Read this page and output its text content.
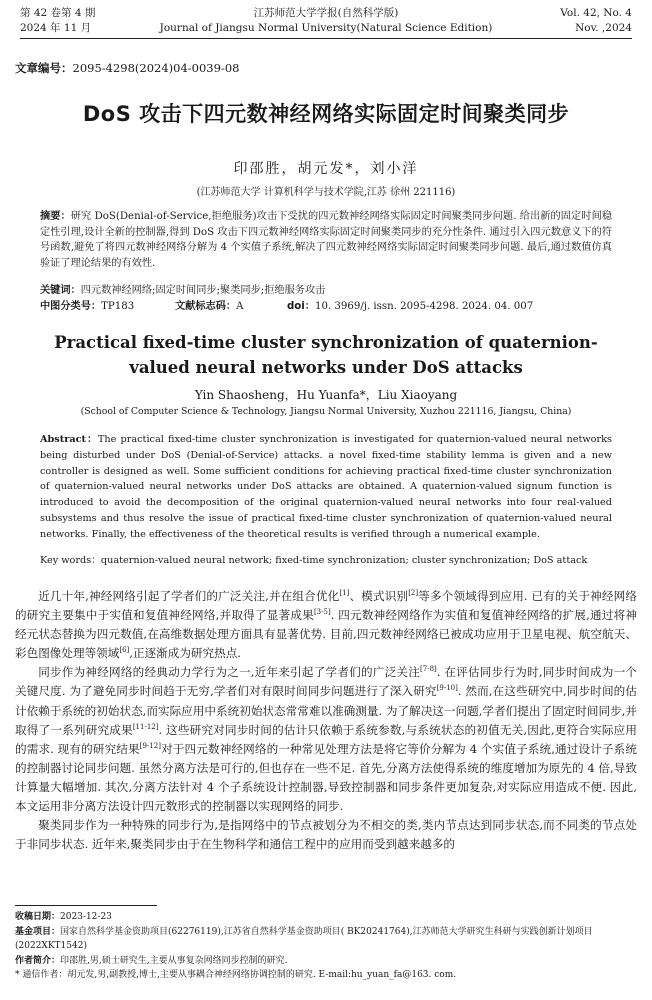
第 42 卷第 4 期
2024 年 11 月
江苏师范大学学报(自然科学版)
Journal of Jiangsu Normal University(Natural Science Edition)
Vol. 42, No. 4
Nov. ,2024
文章编号：2095-4298(2024)04-0039-08
DoS 攻击下四元数神经网络实际固定时间聚类同步
印邵胜，胡元发*，刘小洋
(江苏师范大学 计算机科学与技术学院,江苏 徐州 221116)
摘要：研究 DoS(Denial-of-Service,拒绝服务)攻击下受扰的四元数神经网络实际固定时间聚类同步问题. 给出新的固定时间稳定性引理,设计全新的控制器,得到 DoS 攻击下四元数神经网络实际固定时间聚类同步的充分性条件. 通过引入四元数意义下的符号函数,避免了将四元数神经网络分解为 4 个实值子系统,解决了四元数神经网络实际固定时间聚类同步问题. 最后,通过数值仿真验证了理论结果的有效性.
关键词：四元数神经网络;固定时间同步;聚类同步;拒绝服务攻击
中图分类号：TP183	文献标志码：A	doi：10. 3969/j. issn. 2095-4298. 2024. 04. 007
Practical fixed-time cluster synchronization of quaternion-valued neural networks under DoS attacks
Yin Shaosheng，Hu Yuanfa*，Liu Xiaoyang
(School of Computer Science & Technology, Jiangsu Normal University, Xuzhou 221116, Jiangsu, China)
Abstract：The practical fixed-time cluster synchronization is investigated for quaternion-valued neural networks being disturbed under DoS (Denial-of-Service) attacks. a novel fixed-time stability lemma is given and a new controller is designed as well. Some sufficient conditions for achieving practical fixed-time cluster synchronization of quaternion-valued neural networks under DoS attacks are obtained. A quaternion-valued signum function is introduced to avoid the decomposition of the original quaternion-valued neural networks into four real-valued subsystems and thus resolve the issue of practical fixed-time cluster synchronization of quaternion-valued neural networks. Finally, the effectiveness of the theoretical results is verified through a numerical example.
Key words：quaternion-valued neural network; fixed-time synchronization; cluster synchronization; DoS attack

近几十年,神经网络引起了学者们的广泛关注,并在组合优化[1]、模式识别[2]等多个领域得到应用. 已有的关于神经网络的研究主要集中于实值和复值神经网络,并取得了显著成果[3-5]. 四元数神经网络作为实值和复值神经网络的扩展,通过将神经元状态替换为四元数值,在高维数据处理方面具有显著优势. 目前,四元数神经网络已被成功应用于卫星电视、航空航天、彩色图像处理等领域[6],正逐渐成为研究热点.

同步作为神经网络的经典动力学行为之一,近年来引起了学者们的广泛关注[7-8]. 在评估同步行为时,同步时间成为一个关键尺度. 为了避免同步时间趋于无穷,学者们对有限时间同步问题进行了深入研究[9-10]. 然而,在这些研究中,同步时间的估计依赖于系统的初始状态,而实际应用中系统初始状态常常难以准确测量. 为了解决这一问题,学者们提出了固定时间同步,并取得了一系列研究成果[11-12]. 这些研究对同步时间的估计只依赖于系统参数,与系统状态的初值无关,因此,更符合实际应用的需求. 现有的研究结果[9-12]对于四元数神经网络的一种常见处理方法是将它等价分解为 4 个实值子系统,通过设计子系统的控制器讨论同步问题. 虽然分离方法是可行的,但也存在一些不足. 首先,分离方法使得系统的维度增加为原先的 4 倍,导致计算量大幅增加. 其次,分离方法针对 4 个子系统设计控制器,导致控制器和同步条件更加复杂,对实际应用造成不便. 因此,本文运用非分离方法设计四元数形式的控制器以实现网络的同步.

聚类同步作为一种特殊的同步行为,是指网络中的节点被划分为不相交的类,类内节点达到同步状态,而不同类的节点处于非同步状态. 近年来,聚类同步由于在生物科学和通信工程中的应用而受到越来越多的

收稿日期：2023-12-23

基金项目：国家自然科学基金资助项目(62276119),江苏省自然科学基金资助项目( BK20241764),江苏师范大学研究生科研与实践创新计划项目(2022XKT1542)

作者简介：印邵胜,男,硕士研究生,主要从事复杂网络同步控制的研究.

* 通信作者：胡元发,男,副教授,博士,主要从事耦合神经网络协调控制的研究. E-mail:hu_yuan_fa@163. com.
